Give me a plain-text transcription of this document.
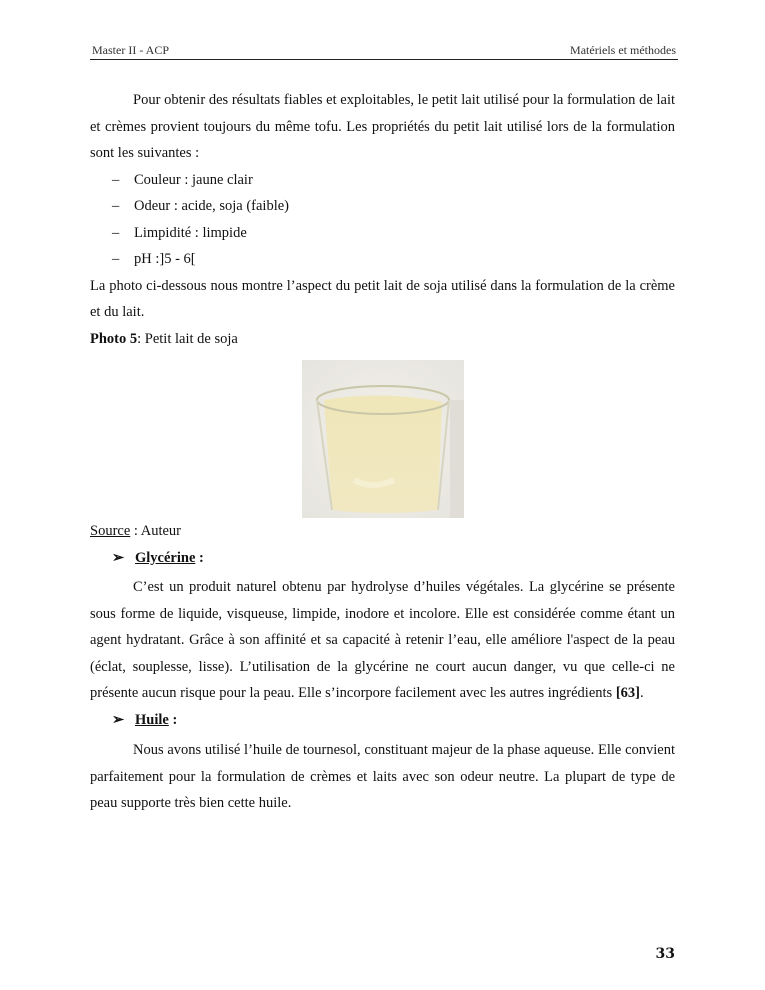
Master II - ACP	Matériels et méthodes

Pour obtenir des résultats fiables et exploitables, le petit lait utilisé pour la formulation de lait et crèmes provient toujours du même tofu. Les propriétés du petit lait utilisé lors de la formulation sont les suivantes :

– Couleur : jaune clair
– Odeur : acide, soja (faible)
– Limpidité : limpide
– pH :]5 - 6[

La photo ci-dessous nous montre l’aspect du petit lait de soja utilisé dans la formulation de la crème et du lait.

Photo 5: Petit lait de soja

Source : Auteur

➢ Glycérine :

C’est un produit naturel obtenu par hydrolyse d’huiles végétales. La glycérine se présente sous forme de liquide, visqueuse, limpide, inodore et incolore. Elle est considérée comme étant un agent hydratant. Grâce à son affinité et sa capacité à retenir l’eau, elle améliore l'aspect de la peau (éclat, souplesse, lisse). L’utilisation de la glycérine ne court aucun danger, vu que celle-ci ne présente aucun risque pour la peau. Elle s’incorpore facilement avec les autres ingrédients [63].

➢ Huile :

Nous avons utilisé l’huile de tournesol, constituant majeur de la phase aqueuse. Elle convient parfaitement pour la formulation de crèmes et laits avec son odeur neutre. La plupart de type de peau supporte très bien cette huile.

33
